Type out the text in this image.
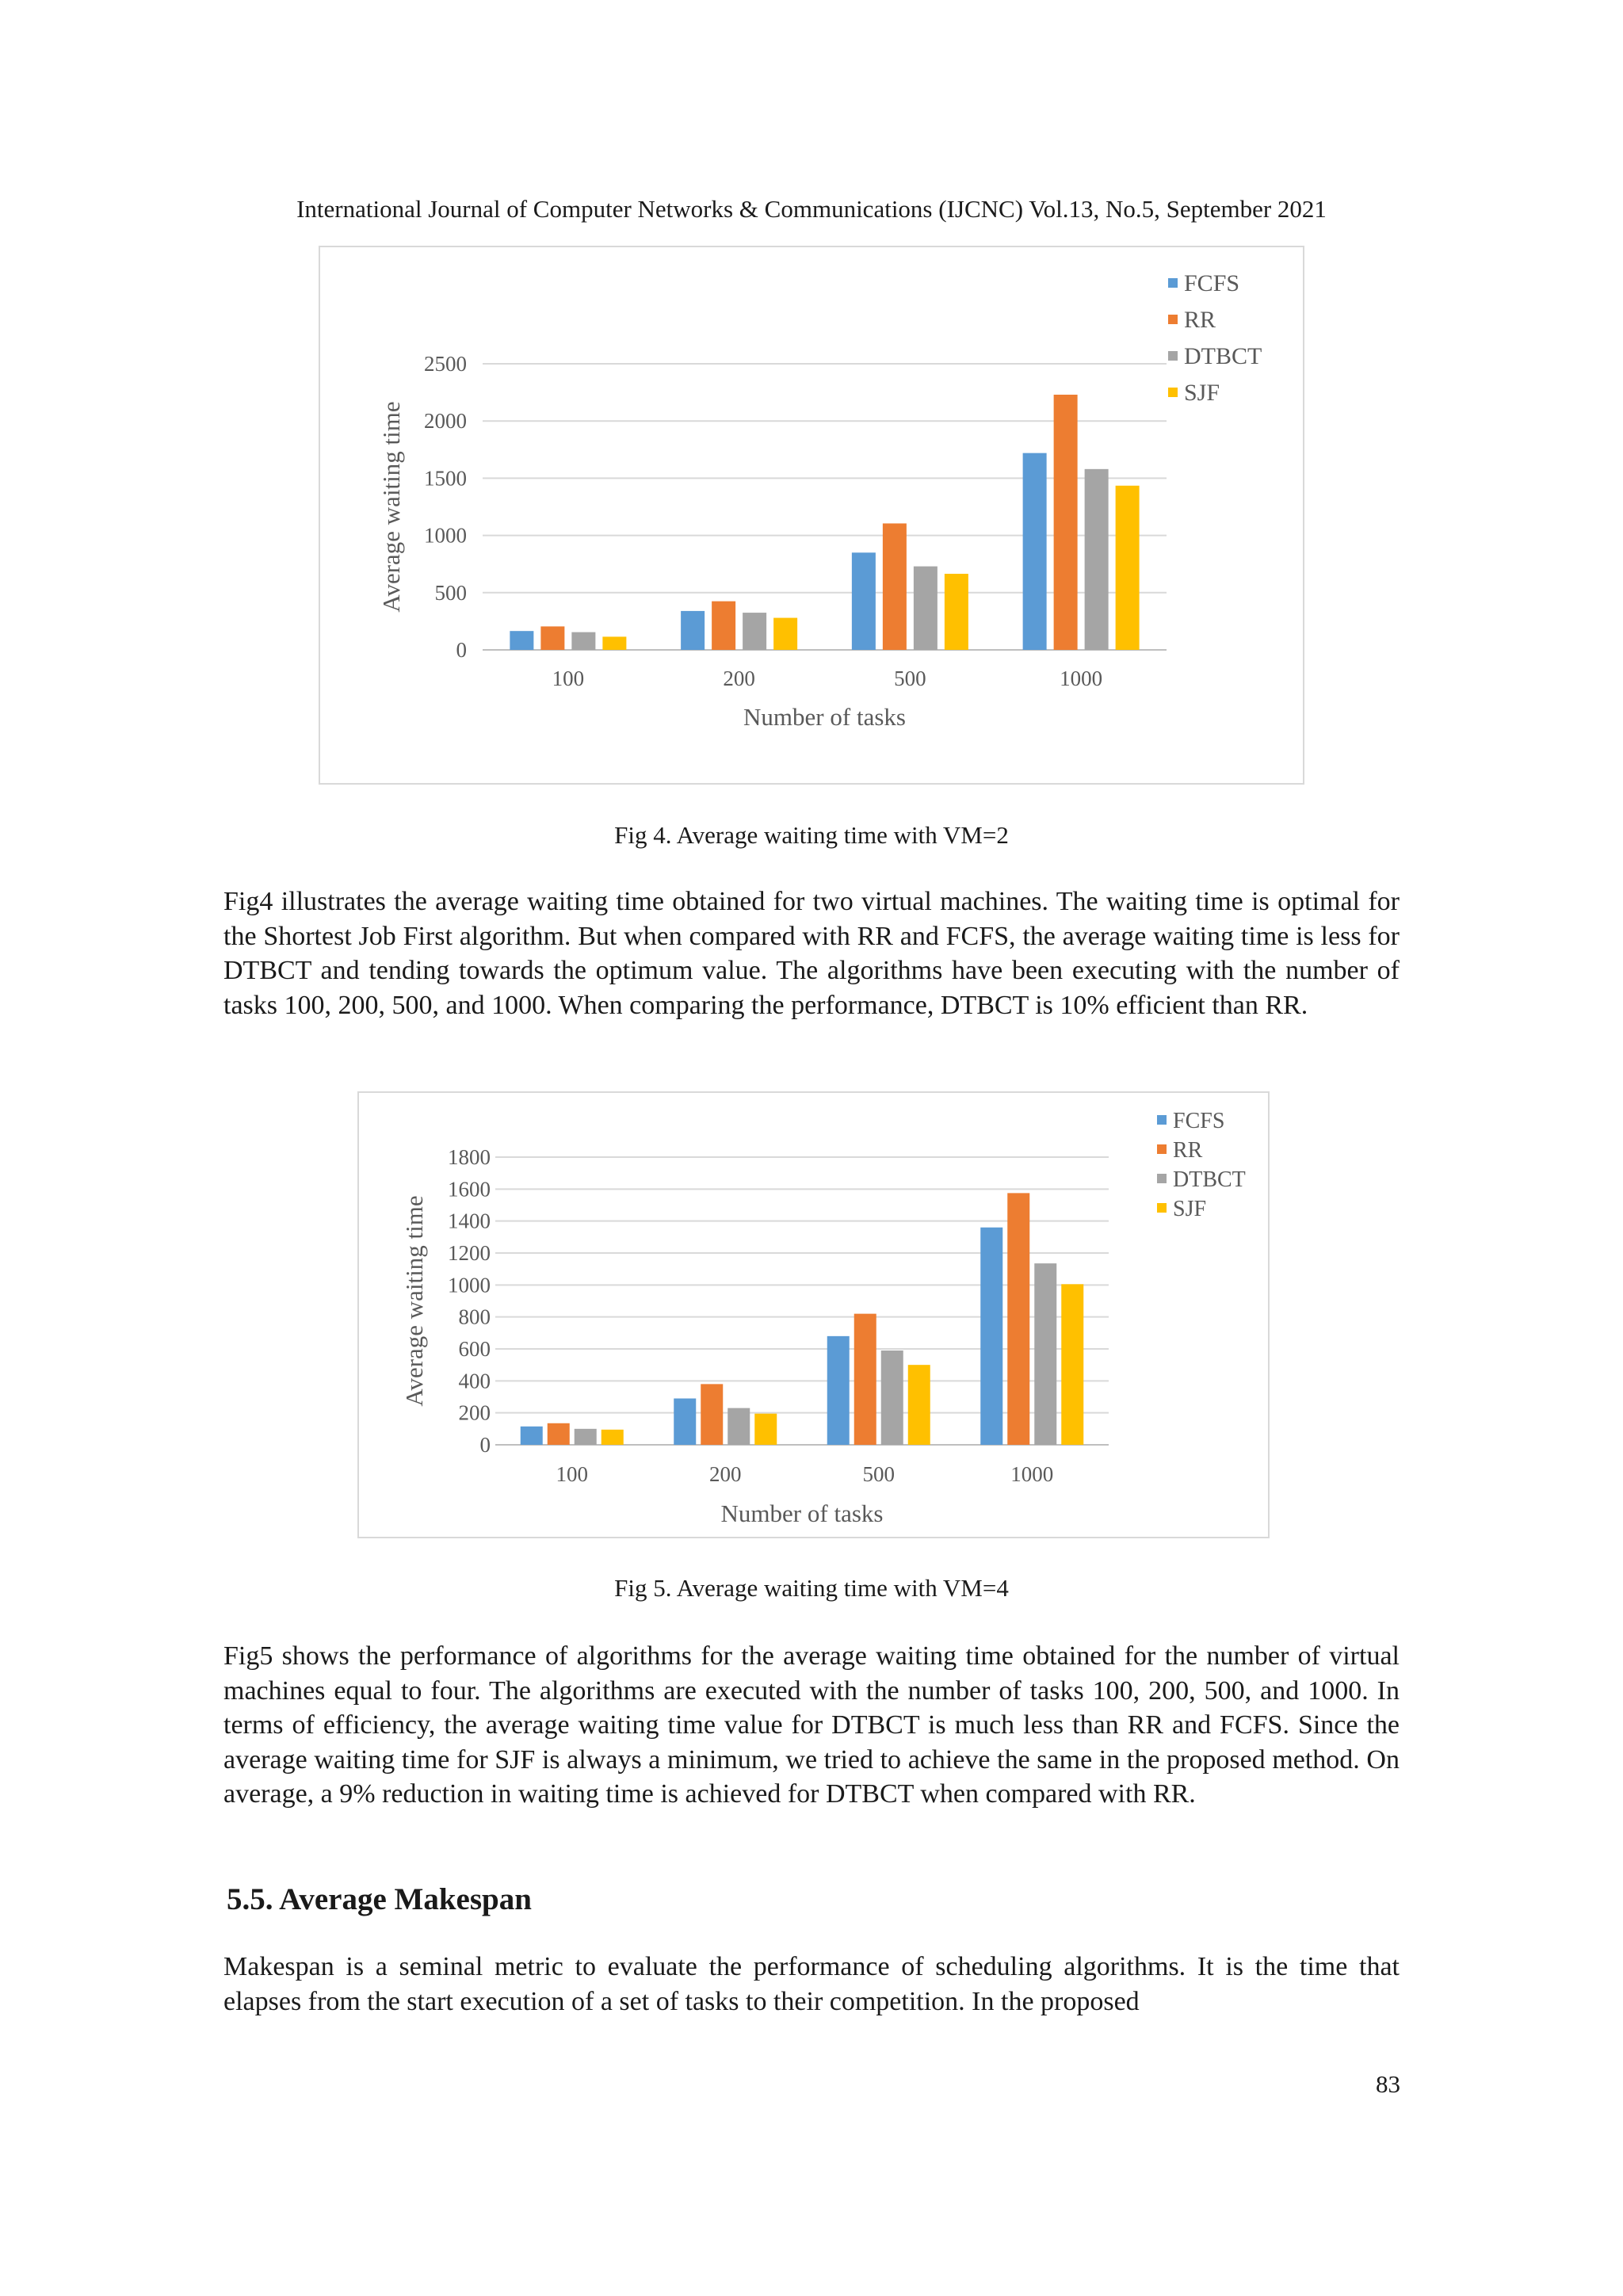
International Journal of Computer Networks & Communications (IJCNC) Vol.13, No.5, September 2021
0
500
1000
1500
2000
2500
100	200	500	1000
Number of tasks
Average waiting time
FCFS
RR
DTBCT
SJF
Fig 4. Average waiting time with VM=2

Fig4 illustrates the average waiting time obtained for two virtual machines. The waiting time is optimal for the Shortest Job First algorithm. But when compared with RR and FCFS, the average waiting time is less for DTBCT and tending towards the optimum value. The algorithms have been executing with the number of tasks 100, 200, 500, and 1000. When comparing the performance, DTBCT is 10% efficient than RR.

0
200
400
600
800
1000
1200
1400
1600
1800
100	200	500	1000
Number of tasks
Average waiting time
FCFS
RR
DTBCT
SJF
Fig 5. Average waiting time with VM=4

Fig5 shows the performance of algorithms for the average waiting time obtained for the number of virtual machines equal to four. The algorithms are executed with the number of tasks 100, 200, 500, and 1000. In terms of efficiency, the average waiting time value for DTBCT is much less than RR and FCFS. Since the average waiting time for SJF is always a minimum, we tried to achieve the same in the proposed method. On average, a 9% reduction in waiting time is achieved for DTBCT when compared with RR.

5.5. Average Makespan

Makespan is a seminal metric to evaluate the performance of scheduling algorithms. It is the time that elapses from the start execution of a set of tasks to their competition. In the proposed

83
